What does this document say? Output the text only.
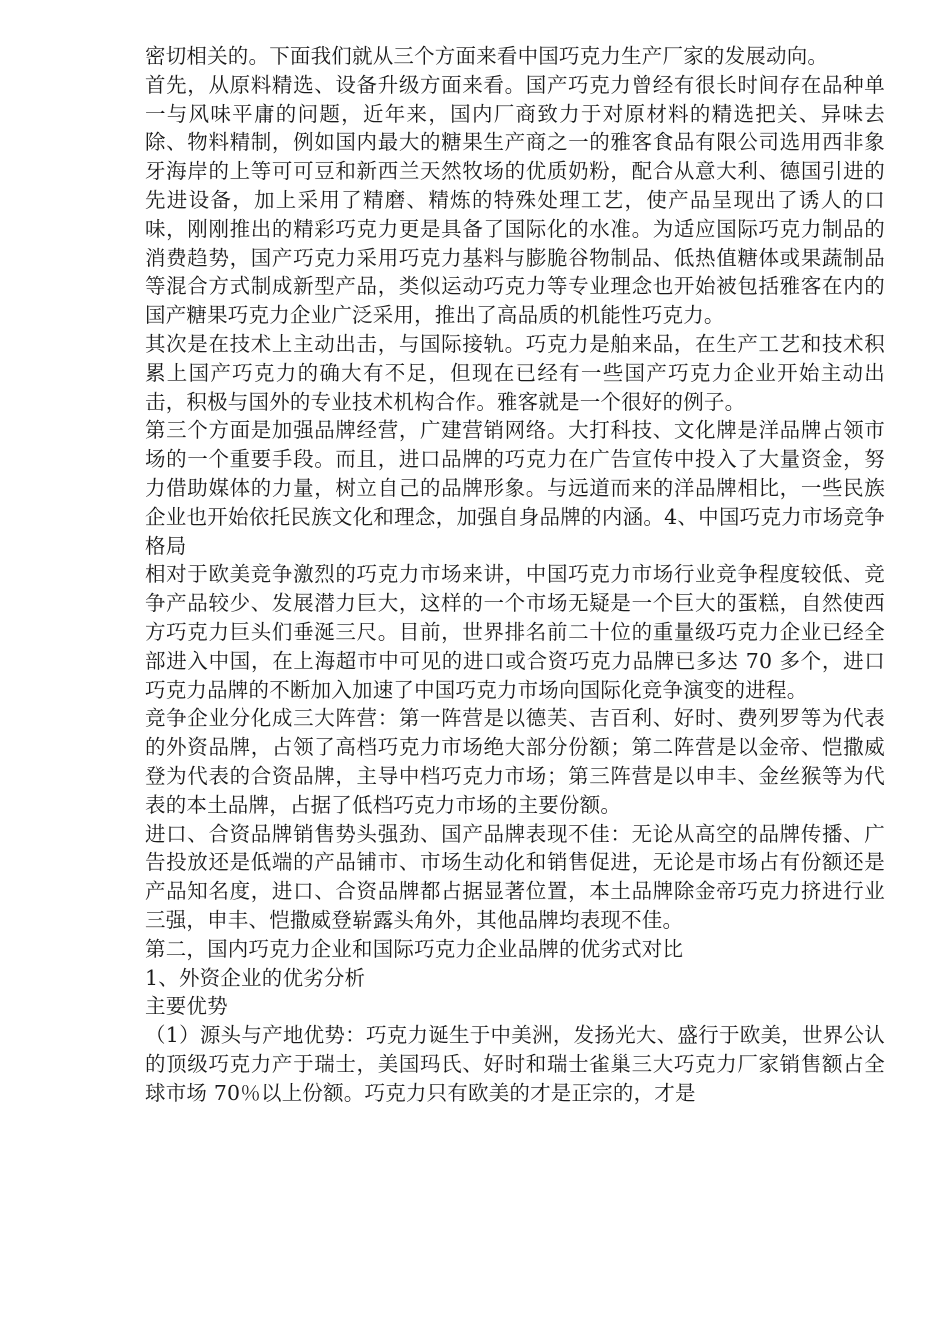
密切相关的。下面我们就从三个方面来看中国巧克力生产厂家的发展动向。

首先，从原料精选、设备升级方面来看。国产巧克力曾经有很长时间存在品种单一与风味平庸的问题，近年来，国内厂商致力于对原材料的精选把关、异味去除、物料精制，例如国内最大的糖果生产商之一的雅客食品有限公司选用西非象牙海岸的上等可可豆和新西兰天然牧场的优质奶粉，配合从意大利、德国引进的先进设备，加上采用了精磨、精炼的特殊处理工艺，使产品呈现出了诱人的口味，刚刚推出的精彩巧克力更是具备了国际化的水准。为适应国际巧克力制品的消费趋势，国产巧克力采用巧克力基料与膨脆谷物制品、低热值糖体或果蔬制品等混合方式制成新型产品，类似运动巧克力等专业理念也开始被包括雅客在内的国产糖果巧克力企业广泛采用，推出了高品质的机能性巧克力。

其次是在技术上主动出击，与国际接轨。巧克力是舶来品，在生产工艺和技术积累上国产巧克力的确大有不足，但现在已经有一些国产巧克力企业开始主动出击，积极与国外的专业技术机构合作。雅客就是一个很好的例子。

第三个方面是加强品牌经营，广建营销网络。大打科技、文化牌是洋品牌占领市场的一个重要手段。而且，进口品牌的巧克力在广告宣传中投入了大量资金，努力借助媒体的力量，树立自己的品牌形象。与远道而来的洋品牌相比，一些民族企业也开始依托民族文化和理念，加强自身品牌的内涵。4、中国巧克力市场竞争格局

相对于欧美竞争激烈的巧克力市场来讲，中国巧克力市场行业竞争程度较低、竞争产品较少、发展潜力巨大，这样的一个市场无疑是一个巨大的蛋糕，自然使西方巧克力巨头们垂涎三尺。目前，世界排名前二十位的重量级巧克力企业已经全部进入中国，在上海超市中可见的进口或合资巧克力品牌已多达 70 多个，进口巧克力品牌的不断加入加速了中国巧克力市场向国际化竞争演变的进程。

竞争企业分化成三大阵营：第一阵营是以德芙、吉百利、好时、费列罗等为代表的外资品牌，占领了高档巧克力市场绝大部分份额；第二阵营是以金帝、恺撒威登为代表的合资品牌，主导中档巧克力市场；第三阵营是以申丰、金丝猴等为代表的本土品牌，占据了低档巧克力市场的主要份额。

进口、合资品牌销售势头强劲、国产品牌表现不佳：无论从高空的品牌传播、广告投放还是低端的产品铺市、市场生动化和销售促进，无论是市场占有份额还是产品知名度，进口、合资品牌都占据显著位置，本土品牌除金帝巧克力挤进行业三强，申丰、恺撒威登崭露头角外，其他品牌均表现不佳。

第二，国内巧克力企业和国际巧克力企业品牌的优劣式对比

1、外资企业的优劣分析

主要优势

（1）源头与产地优势：巧克力诞生于中美洲，发扬光大、盛行于欧美，世界公认的顶级巧克力产于瑞士，美国玛氏、好时和瑞士雀巢三大巧克力厂家销售额占全球市场 70％以上份额。巧克力只有欧美的才是正宗的，才是
